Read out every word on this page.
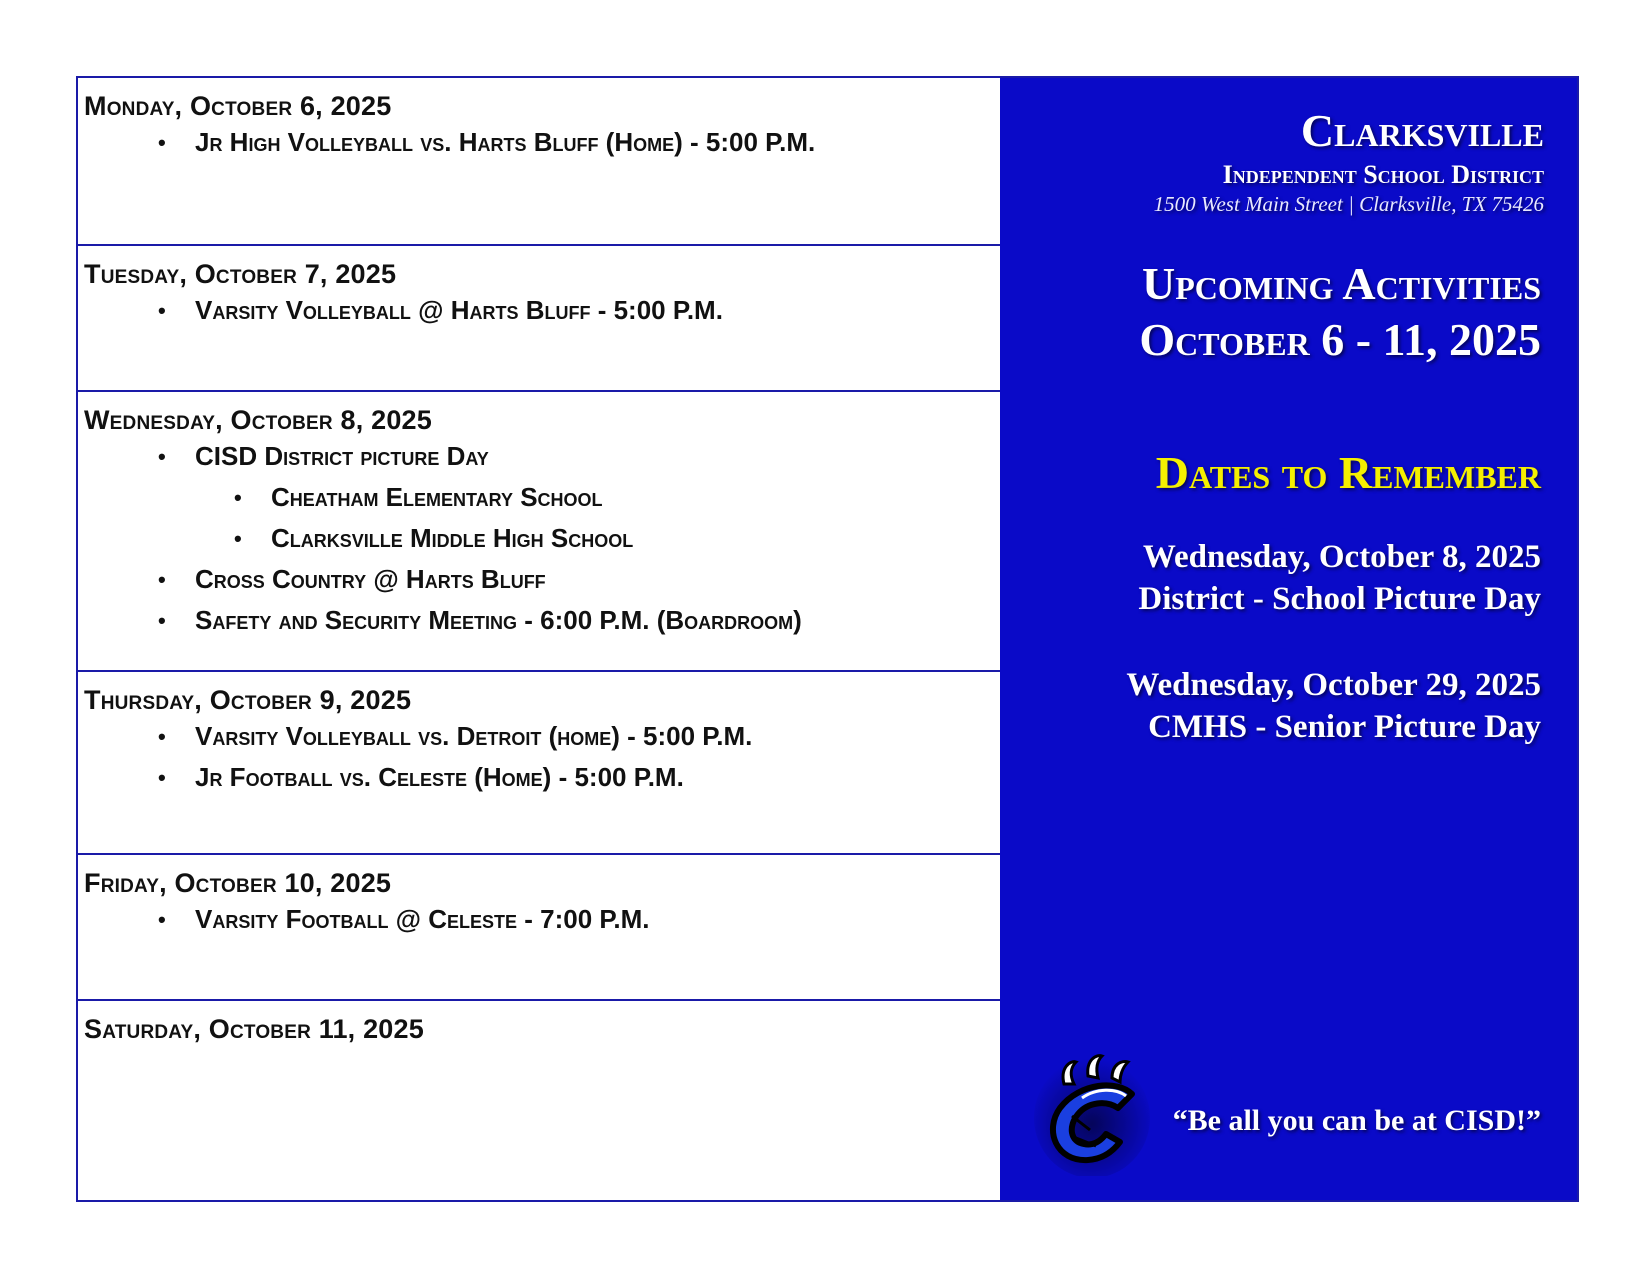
Monday, October 6, 2025
• Jr High Volleyball vs. Harts Bluff (Home) - 5:00 P.M.
Tuesday, October 7, 2025
• Varsity Volleyball @ Harts Bluff - 5:00 P.M.
Wednesday, October 8, 2025
• CISD District picture Day
• Cheatham Elementary School
• Clarksville Middle High School
• Cross Country @ Harts Bluff
• Safety and Security Meeting - 6:00 P.M. (Boardroom)
Thursday, October 9, 2025
• Varsity Volleyball vs. Detroit (home) - 5:00 P.M.
• Jr Football vs. Celeste (Home) - 5:00 P.M.
Friday, October 10, 2025
• Varsity Football @ Celeste - 7:00 P.M.
Saturday, October 11, 2025
Clarksville
Independent School District
1500 West Main Street | Clarksville, TX 75426
Upcoming Activities
October 6 - 11, 2025
Dates to Remember
Wednesday, October 8, 2025
District - School Picture Day
Wednesday, October 29, 2025
CMHS - Senior Picture Day
“Be all you can be at CISD!”
